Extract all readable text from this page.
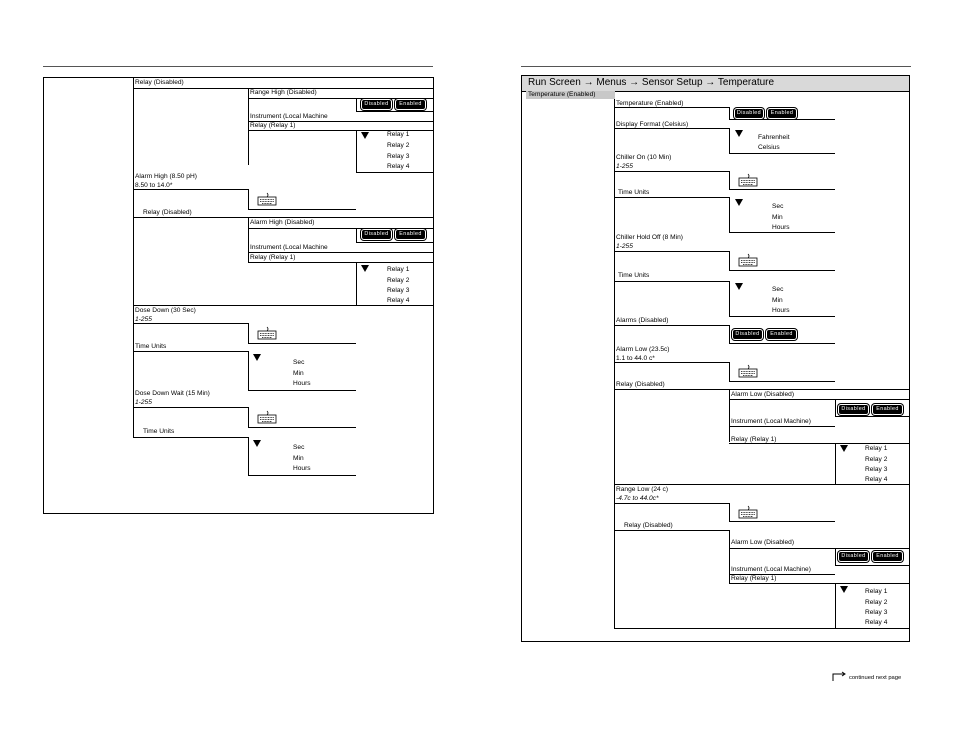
Relay (Disabled)
Range High (Disabled)
Disabled	Enabled
Instrument (Local Machine
Relay (Relay 1)
Relay 1
Relay 2
Relay 3
Relay 4
Alarm High (8.50 pH)
8.50 to 14.0*
Relay (Disabled)
Alarm High (Disabled)
Disabled	Enabled
Instrument (Local Machine
Relay (Relay 1)
Relay 1
Relay 2
Relay 3
Relay 4
Dose Down (30 Sec)
1-255
Time Units
Sec
Min
Hours
Dose Down Wait (15 Min)
1-255
Time Units
Sec
Min
Hours
Run Screen → Menus → Sensor Setup → Temperature
Temperature (Enabled)
Temperature (Enabled)
Disabled	Enabled
Display Format (Celsius)
Fahrenheit
Celsius
Chiller On (10 Min)
1-255
Time Units
Sec
Min
Hours
Chiller Hold Off (8 Min)
1-255
Time Units
Sec
Min
Hours
Alarms (Disabled)
Disabled	Enabled
Alarm Low (23.5c)
1.1 to 44.0 c*
Relay (Disabled)
Alarm Low (Disabled)
Disabled	Enabled
Instrument (Local Machine)
Relay (Relay 1)
Relay 1
Relay 2
Relay 3
Relay 4
Range Low (24 c)
-4.7c to 44.0c*
Relay (Disabled)
Alarm Low (Disabled)
Disabled	Enabled
Instrument (Local Machine)
Relay (Relay 1)
Relay 1
Relay 2
Relay 3
Relay 4
continued next page
